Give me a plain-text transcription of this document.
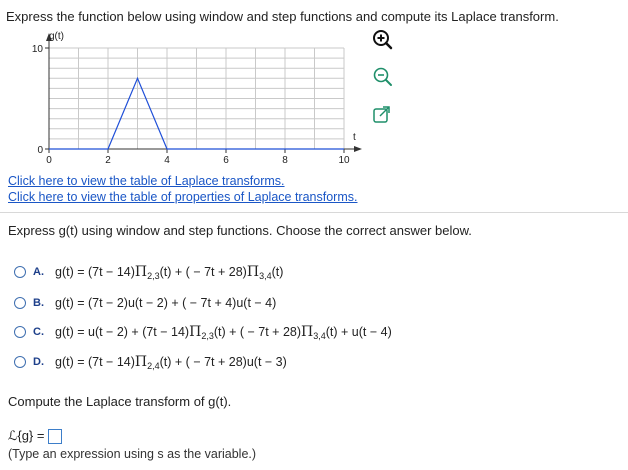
Express the function below using window and step functions and compute its Laplace transform.
g(t)
t
10
0
0	2	4	6	8	10
Click here to view the table of Laplace transforms.
Click here to view the table of properties of Laplace transforms.
Express g(t) using window and step functions. Choose the correct answer below.
A. $g(t) = (7t - 14)\Pi_{2,3}(t)$ + ( − $7t + 28)\Pi_{3,4}(t)$
B. g(t) = (7t − 2)u(t − 2) + ( − 7t + 4)u(t − 4)
C. $g(t) = u(t - 2) + (7t - 14)\Pi_{2,3}(t)$ + ( − $7t + 28)\Pi_{3,4}(t) + u(t - 4)$
D. $g(t) = (7t - 14)\Pi_{2,4}(t)$ + ( − 7t + 28)u(t − 3)
Compute the Laplace transform of g(t).
ℒ{g} =
(Type an expression using s as the variable.)
